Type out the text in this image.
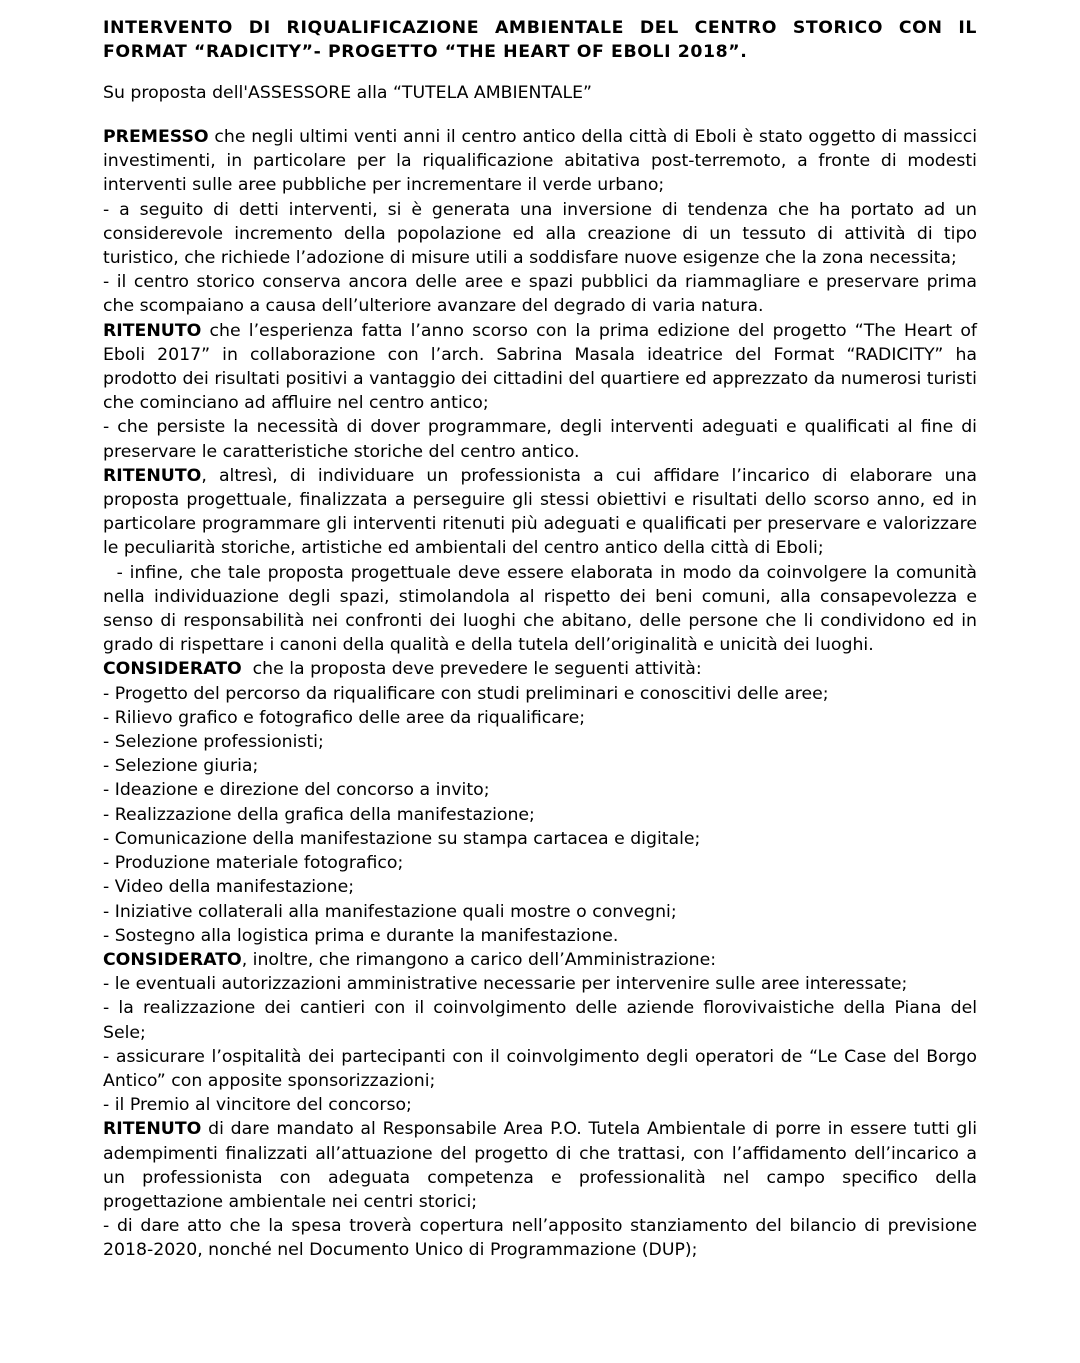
INTERVENTO DI RIQUALIFICAZIONE AMBIENTALE DEL CENTRO STORICO CON IL FORMAT “RADICITY”- PROGETTO “THE HEART OF EBOLI 2018”.

Su proposta dell'ASSESSORE alla “TUTELA AMBIENTALE”

PREMESSO che negli ultimi venti anni il centro antico della città di Eboli è stato oggetto di massicci investimenti, in particolare per la riqualificazione abitativa post-terremoto, a fronte di modesti interventi sulle aree pubbliche per incrementare il verde urbano;

- a seguito di detti interventi, si è generata una inversione di tendenza che ha portato ad un considerevole incremento della popolazione ed alla creazione di un tessuto di attività di tipo turistico, che richiede l’adozione di misure utili a soddisfare nuove esigenze che la zona necessita;

- il centro storico conserva ancora delle aree e spazi pubblici da riammagliare e preservare prima che scompaiano a causa dell’ulteriore avanzare del degrado di varia natura.

RITENUTO che l’esperienza fatta l’anno scorso con la prima edizione del progetto “The Heart of Eboli 2017” in collaborazione con l’arch. Sabrina Masala ideatrice del Format “RADICITY” ha prodotto dei risultati positivi a vantaggio dei cittadini del quartiere ed apprezzato da numerosi turisti che cominciano ad affluire nel centro antico;

- che persiste la necessità di dover programmare, degli interventi adeguati e qualificati al fine di preservare le caratteristiche storiche del centro antico.

RITENUTO, altresì, di individuare un professionista a cui affidare l’incarico di elaborare una proposta progettuale, finalizzata a perseguire gli stessi obiettivi e risultati dello scorso anno, ed in particolare programmare gli interventi ritenuti più adeguati e qualificati per preservare e valorizzare le peculiarità storiche, artistiche ed ambientali del centro antico della città di Eboli;

- infine, che tale proposta progettuale deve essere elaborata in modo da coinvolgere la comunità nella individuazione degli spazi, stimolandola al rispetto dei beni comuni, alla consapevolezza e senso di responsabilità nei confronti dei luoghi che abitano, delle persone che li condividono ed in grado di rispettare i canoni della qualità e della tutela dell’originalità e unicità dei luoghi.

CONSIDERATO  che la proposta deve prevedere le seguenti attività:

- Progetto del percorso da riqualificare con studi preliminari e conoscitivi delle aree;

- Rilievo grafico e fotografico delle aree da riqualificare;

- Selezione professionisti;

- Selezione giuria;

- Ideazione e direzione del concorso a invito;

- Realizzazione della grafica della manifestazione;

- Comunicazione della manifestazione su stampa cartacea e digitale;

- Produzione materiale fotografico;

- Video della manifestazione;

- Iniziative collaterali alla manifestazione quali mostre o convegni;

- Sostegno alla logistica prima e durante la manifestazione.

CONSIDERATO, inoltre, che rimangono a carico dell’Amministrazione:

- le eventuali autorizzazioni amministrative necessarie per intervenire sulle aree interessate;

- la realizzazione dei cantieri con il coinvolgimento delle aziende florovivaistiche della Piana del Sele;

- assicurare l’ospitalità dei partecipanti con il coinvolgimento degli operatori de “Le Case del Borgo Antico” con apposite sponsorizzazioni;

- il Premio al vincitore del concorso;

RITENUTO di dare mandato al Responsabile Area P.O. Tutela Ambientale di porre in essere tutti gli adempimenti finalizzati all’attuazione del progetto di che trattasi, con l’affidamento dell’incarico a un professionista con adeguata competenza e professionalità nel campo specifico della progettazione ambientale nei centri storici;

- di dare atto che la spesa troverà copertura nell’apposito stanziamento del bilancio di previsione 2018-2020, nonché nel Documento Unico di Programmazione (DUP);
